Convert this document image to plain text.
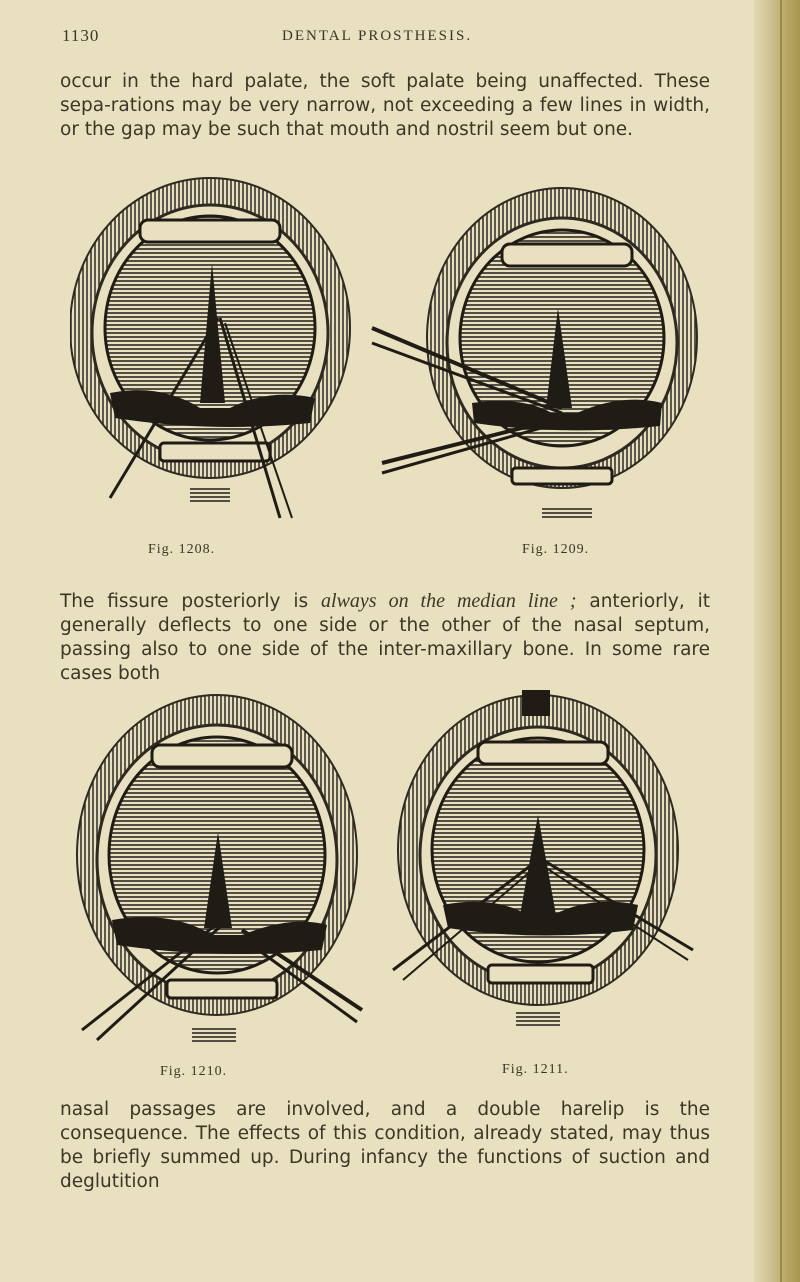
1130	DENTAL PROSTHESIS.

occur in the hard palate, the soft palate being unaffected. These sepa-rations may be very narrow, not exceeding a few lines in width, or the gap may be such that mouth and nostril seem but one.

Fig. 1208.	Fig. 1209.

The fissure posteriorly is always on the median line ; anteriorly, it generally deflects to one side or the other of the nasal septum, passing also to one side of the inter-maxillary bone. In some rare cases both

Fig. 1210.	Fig. 1211.

nasal passages are involved, and a double harelip is the consequence. The effects of this condition, already stated, may thus be briefly summed up. During infancy the functions of suction and deglutition
